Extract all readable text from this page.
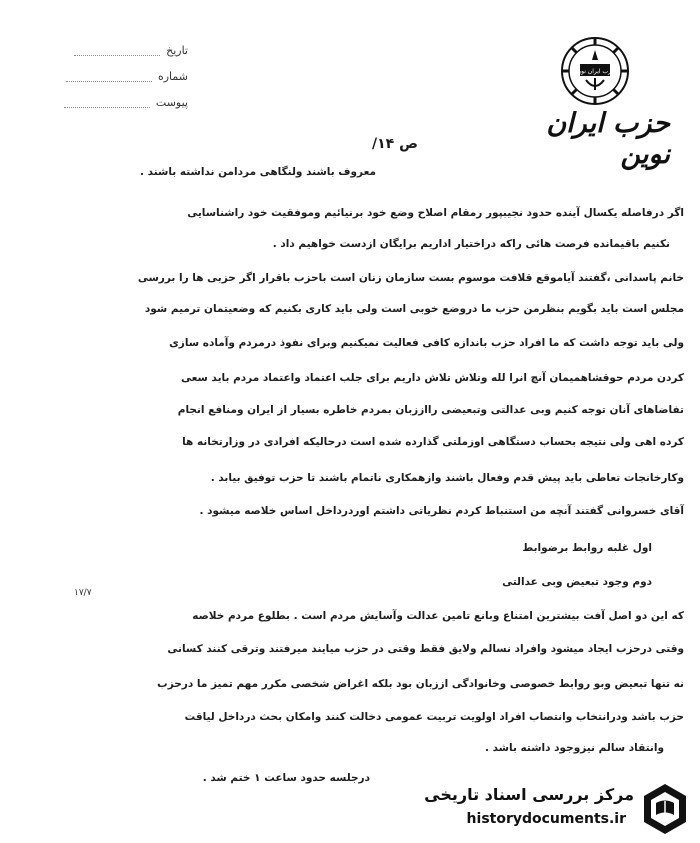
تاریخ
شماره
پیوست
حزب ایران نوین
حزب ایران نوین
ص ۱۴/
معروف باشند ولنگاهی مردامن نداشته باشند .
اگر درفاصله یکسال آینده حدود نجیبپور رمقام اصلاح وضع خود برنیائیم وموفقیت خود راشناسایی
نکنیم باقیمانده فرصت هائی راکه دراختیار اداریم برایگان ازدست خواهیم داد .
خانم پاسدانی ،گفتند آیاموقع قلافت موسوم بست سازمان زنان است باحزب باقرار اگر حزبی ها را بررسی
مجلس است باید بگویم بنظرمن حزب ما دروضع خوبی است ولی باید کاری بکنیم که وضعیتمان ترمیم شود
ولی باید توجه داشت که ما افراد حزب باندازه کافی فعالیت نمیکنیم وبرای نفوذ درمردم وآماده سازی
کردن مردم حوقشاهمیمان آنچ انرا لله وتلاش تلاش داریم برای جلب اعتماد واعتماد مردم باید سعی
تفاضاهای آنان توجه کنیم وبی عدالتی وتبعیضی رااززبان بمردم خاطره بسیار از ایران ومنافع انجام
کرده اهی ولی نتیجه بحساب دستگاهی اوزملتی گذارده شده است درحالیکه افرادی در وزارتخانه ها
وکارخانجات تعاطی باید پیش قدم وفعال باشند وازهمکاری ناتمام باشند تا حزب توفیق بیابد .
آقای خسروانی گفتند آنچه من استنباط کردم نظرياتی داشتم اوردرداخل اساس خلاصه میشود .
اول غلبه روابط برضوابط
دوم وجود تبعیض وبی عدالتی
که این دو اصل آفت بیشترین امتناع وبانع تامین عدالت وآسایش مردم است . بطلوع مردم خلاصه
وقتی درحزب ایجاد میشود وافراد نسالم ولایق فقط وقتی در حزب میایند میرفتند وترقی کنند کسانی
نه تنها تبعیض وبو روابط خصوصی وخانوادگی اززبان بود بلکه اغراض شخصی مکرر مهم تمیز ما درحزب
حزب باشد ودرانتخاب وانتصاب افراد اولویت تربیت عمومی دخالت کنند وامکان بحث درداخل لیاقت
وانتقاد سالم نیزوجود داشته باشد .
درجلسه حدود ساعت ۱ ختم شد .
۱۷/۷
مرکز بررسی اسناد تاریخی
historydocuments.ir
